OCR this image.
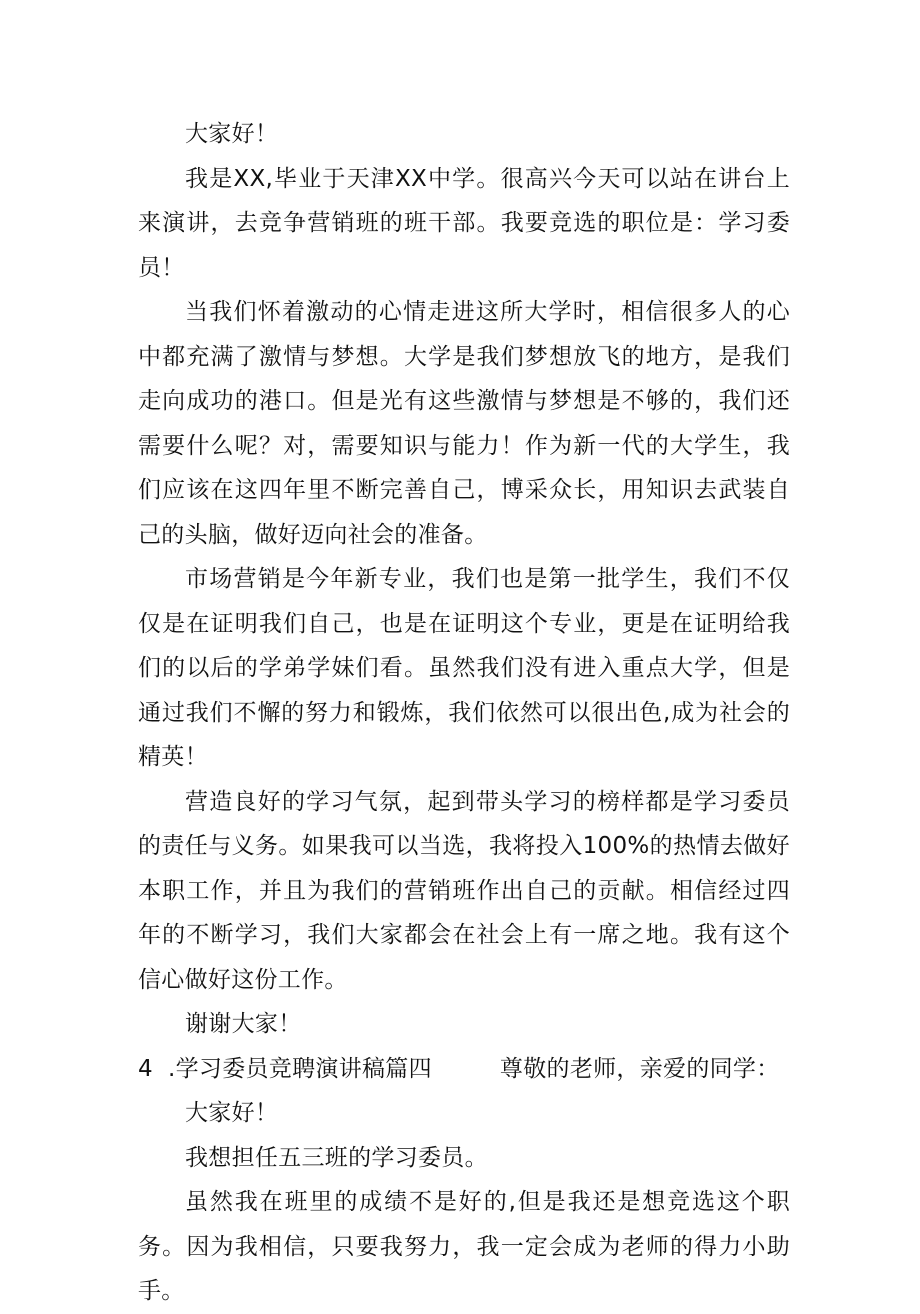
大家好！

我是XX,毕业于天津XX中学。很高兴今天可以站在讲台上来演讲，去竞争营销班的班干部。我要竞选的职位是：学习委员！

当我们怀着激动的心情走进这所大学时，相信很多人的心中都充满了激情与梦想。大学是我们梦想放飞的地方，是我们走向成功的港口。但是光有这些激情与梦想是不够的，我们还需要什么呢？对，需要知识与能力！作为新一代的大学生，我们应该在这四年里不断完善自己，博采众长，用知识去武装自己的头脑，做好迈向社会的准备。

市场营销是今年新专业，我们也是第一批学生，我们不仅仅是在证明我们自己，也是在证明这个专业，更是在证明给我们的以后的学弟学妹们看。虽然我们没有进入重点大学，但是通过我们不懈的努力和锻炼，我们依然可以很出色,成为社会的精英！

营造良好的学习气氛，起到带头学习的榜样都是学习委员的责任与义务。如果我可以当选，我将投入100%的热情去做好本职工作，并且为我们的营销班作出自己的贡献。相信经过四年的不断学习，我们大家都会在社会上有一席之地。我有这个信心做好这份工作。

谢谢大家！

4 .学习委员竞聘演讲稿篇四	尊敬的老师，亲爱的同学：

大家好！

我想担任五三班的学习委员。

虽然我在班里的成绩不是好的,但是我还是想竞选这个职务。因为我相信，只要我努力，我一定会成为老师的得力小助手。
